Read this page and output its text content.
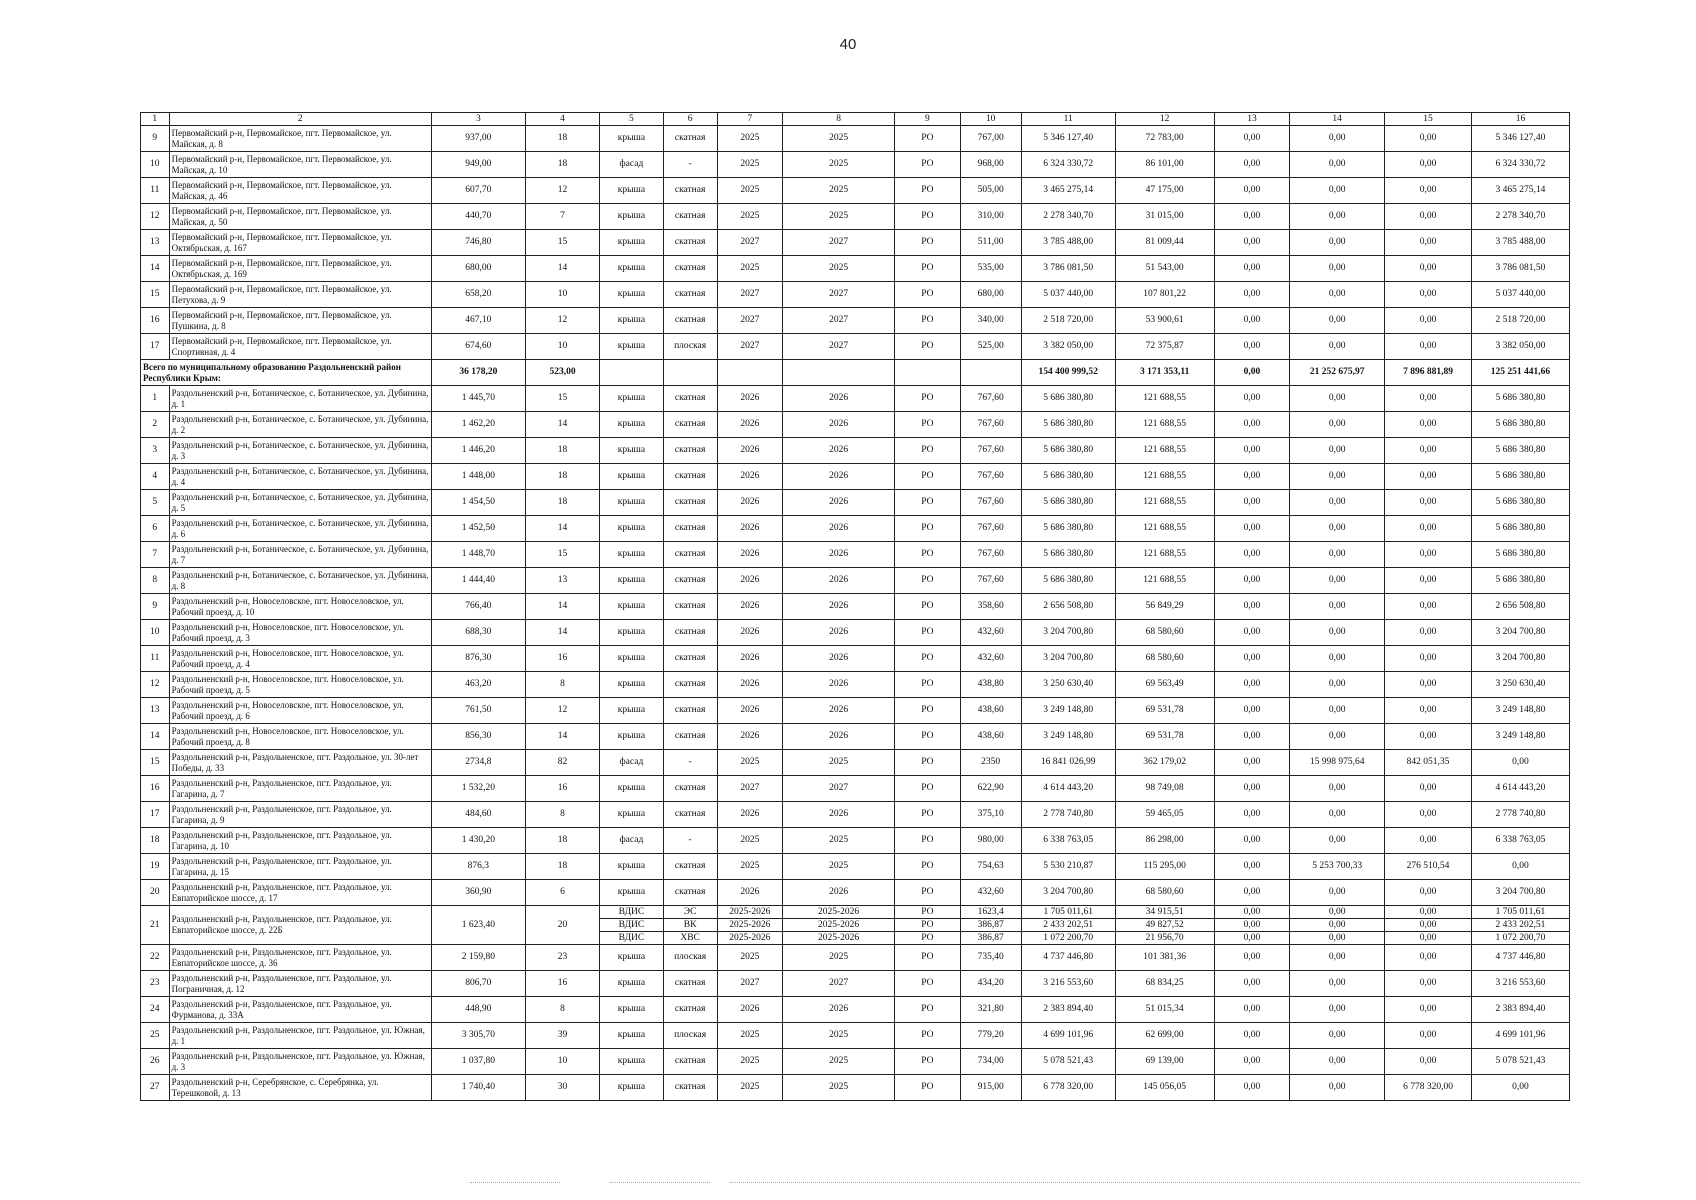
40
1	2	3	4	5	6	7	8	9	10	11	12	13	14	15	16
9	Первомайский р-н, Первомайское, пгт. Первомайское, ул. Майская, д. 8	937,00	18	крыша	скатная	2025	2025	РО	767,00	5 346 127,40	72 783,00	0,00	0,00	0,00	5 346 127,40
10	Первомайский р-н, Первомайское, пгт. Первомайское, ул. Майская, д. 10	949,00	18	фасад	-	2025	2025	РО	968,00	6 324 330,72	86 101,00	0,00	0,00	0,00	6 324 330,72
11	Первомайский р-н, Первомайское, пгт. Первомайское, ул. Майская, д. 46	607,70	12	крыша	скатная	2025	2025	РО	505,00	3 465 275,14	47 175,00	0,00	0,00	0,00	3 465 275,14
12	Первомайский р-н, Первомайское, пгт. Первомайское, ул. Майская, д. 50	440,70	7	крыша	скатная	2025	2025	РО	310,00	2 278 340,70	31 015,00	0,00	0,00	0,00	2 278 340,70
13	Первомайский р-н, Первомайское, пгт. Первомайское, ул. Октябрьская, д. 167	746,80	15	крыша	скатная	2027	2027	РО	511,00	3 785 488,00	81 009,44	0,00	0,00	0,00	3 785 488,00
14	Первомайский р-н, Первомайское, пгт. Первомайское, ул. Октябрьская, д. 169	680,00	14	крыша	скатная	2025	2025	РО	535,00	3 786 081,50	51 543,00	0,00	0,00	0,00	3 786 081,50
15	Первомайский р-н, Первомайское, пгт. Первомайское, ул. Петухова, д. 9	658,20	10	крыша	скатная	2027	2027	РО	680,00	5 037 440,00	107 801,22	0,00	0,00	0,00	5 037 440,00
16	Первомайский р-н, Первомайское, пгт. Первомайское, ул. Пушкина, д. 8	467,10	12	крыша	скатная	2027	2027	РО	340,00	2 518 720,00	53 900,61	0,00	0,00	0,00	2 518 720,00
17	Первомайский р-н, Первомайское, пгт. Первомайское, ул. Спортивная, д. 4	674,60	10	крыша	плоская	2027	2027	РО	525,00	3 382 050,00	72 375,87	0,00	0,00	0,00	3 382 050,00
Всего по муниципальному образованию Раздольненский район Республики Крым:		36 178,20	523,00							154 400 999,52	3 171 353,11	0,00	21 252 675,97	7 896 881,89	125 251 441,66
1	Раздольненский р-н, Ботаническое, с. Ботаническое, ул. Дубинина, д. 1	1 445,70	15	крыша	скатная	2026	2026	РО	767,60	5 686 380,80	121 688,55	0,00	0,00	0,00	5 686 380,80
2	Раздольненский р-н, Ботаническое, с. Ботаническое, ул. Дубинина, д. 2	1 462,20	14	крыша	скатная	2026	2026	РО	767,60	5 686 380,80	121 688,55	0,00	0,00	0,00	5 686 380,80
3	Раздольненский р-н, Ботаническое, с. Ботаническое, ул. Дубинина, д. 3	1 446,20	18	крыша	скатная	2026	2026	РО	767,60	5 686 380,80	121 688,55	0,00	0,00	0,00	5 686 380,80
4	Раздольненский р-н, Ботаническое, с. Ботаническое, ул. Дубинина, д. 4	1 448,00	18	крыша	скатная	2026	2026	РО	767,60	5 686 380,80	121 688,55	0,00	0,00	0,00	5 686 380,80
5	Раздольненский р-н, Ботаническое, с. Ботаническое, ул. Дубинина, д. 5	1 454,50	18	крыша	скатная	2026	2026	РО	767,60	5 686 380,80	121 688,55	0,00	0,00	0,00	5 686 380,80
6	Раздольненский р-н, Ботаническое, с. Ботаническое, ул. Дубинина, д. 6	1 452,50	14	крыша	скатная	2026	2026	РО	767,60	5 686 380,80	121 688,55	0,00	0,00	0,00	5 686 380,80
7	Раздольненский р-н, Ботаническое, с. Ботаническое, ул. Дубинина, д. 7	1 448,70	15	крыша	скатная	2026	2026	РО	767,60	5 686 380,80	121 688,55	0,00	0,00	0,00	5 686 380,80
8	Раздольненский р-н, Ботаническое, с. Ботаническое, ул. Дубинина, д. 8	1 444,40	13	крыша	скатная	2026	2026	РО	767,60	5 686 380,80	121 688,55	0,00	0,00	0,00	5 686 380,80
9	Раздольненский р-н, Новоселовское, пгт. Новоселовское, ул. Рабочий проезд, д. 10	766,40	14	крыша	скатная	2026	2026	РО	358,60	2 656 508,80	56 849,29	0,00	0,00	0,00	2 656 508,80
10	Раздольненский р-н, Новоселовское, пгт. Новоселовское, ул. Рабочий проезд, д. 3	688,30	14	крыша	скатная	2026	2026	РО	432,60	3 204 700,80	68 580,60	0,00	0,00	0,00	3 204 700,80
11	Раздольненский р-н, Новоселовское, пгт. Новоселовское, ул. Рабочий проезд, д. 4	876,30	16	крыша	скатная	2026	2026	РО	432,60	3 204 700,80	68 580,60	0,00	0,00	0,00	3 204 700,80
12	Раздольненский р-н, Новоселовское, пгт. Новоселовское, ул. Рабочий проезд, д. 5	463,20	8	крыша	скатная	2026	2026	РО	438,80	3 250 630,40	69 563,49	0,00	0,00	0,00	3 250 630,40
13	Раздольненский р-н, Новоселовское, пгт. Новоселовское, ул. Рабочий проезд, д. 6	761,50	12	крыша	скатная	2026	2026	РО	438,60	3 249 148,80	69 531,78	0,00	0,00	0,00	3 249 148,80
14	Раздольненский р-н, Новоселовское, пгт. Новоселовское, ул. Рабочий проезд, д. 8	856,30	14	крыша	скатная	2026	2026	РО	438,60	3 249 148,80	69 531,78	0,00	0,00	0,00	3 249 148,80
15	Раздольненский р-н, Раздольненское, пгт. Раздольное, ул. 30-лет Победы, д. 33	2734,8	82	фасад	-	2025	2025	РО	2350	16 841 026,99	362 179,02	0,00	15 998 975,64	842 051,35	0,00
16	Раздольненский р-н, Раздольненское, пгт. Раздольное, ул. Гагарина, д. 7	1 532,20	16	крыша	скатная	2027	2027	РО	622,90	4 614 443,20	98 749,08	0,00	0,00	0,00	4 614 443,20
17	Раздольненский р-н, Раздольненское, пгт. Раздольное, ул. Гагарина, д. 9	484,60	8	крыша	скатная	2026	2026	РО	375,10	2 778 740,80	59 465,05	0,00	0,00	0,00	2 778 740,80
18	Раздольненский р-н, Раздольненское, пгт. Раздольное, ул. Гагарина, д. 10	1 430,20	18	фасад	-	2025	2025	РО	980,00	6 338 763,05	86 298,00	0,00	0,00	0,00	6 338 763,05
19	Раздольненский р-н, Раздольненское, пгт. Раздольное, ул. Гагарина, д. 15	876,3	18	крыша	скатная	2025	2025	РО	754,63	5 530 210,87	115 295,00	0,00	5 253 700,33	276 510,54	0,00
20	Раздольненский р-н, Раздольненское, пгт. Раздольное, ул. Евпаторийское шоссе, д. 17	360,90	6	крыша	скатная	2026	2026	РО	432,60	3 204 700,80	68 580,60	0,00	0,00	0,00	3 204 700,80
21	Раздольненский р-н, Раздольненское, пгт. Раздольное, ул. Евпаторийское шоссе, д. 22Б	1 623,40	20	ВДИС	ЭС	2025-2026	2025-2026	РО	1623,4	1 705 011,61	34 915,51	0,00	0,00	0,00	1 705 011,61
				ВДИС	ВК	2025-2026	2025-2026	РО	386,87	2 433 202,51	49 827,52	0,00	0,00	0,00	2 433 202,51
				ВДИС	ХВС	2025-2026	2025-2026	РО	386,87	1 072 200,70	21 956,70	0,00	0,00	0,00	1 072 200,70
22	Раздольненский р-н, Раздольненское, пгт. Раздольное, ул. Евпаторийское шоссе, д. 36	2 159,80	23	крыша	плоская	2025	2025	РО	735,40	4 737 446,80	101 381,36	0,00	0,00	0,00	4 737 446,80
23	Раздольненский р-н, Раздольненское, пгт. Раздольное, ул. Пограничная, д. 12	806,70	16	крыша	скатная	2027	2027	РО	434,20	3 216 553,60	68 834,25	0,00	0,00	0,00	3 216 553,60
24	Раздольненский р-н, Раздольненское, пгт. Раздольное, ул. Фурманова, д. 33А	448,90	8	крыша	скатная	2026	2026	РО	321,80	2 383 894,40	51 015,34	0,00	0,00	0,00	2 383 894,40
25	Раздольненский р-н, Раздольненское, пгт. Раздольное, ул. Южная, д. 1	3 305,70	39	крыша	плоская	2025	2025	РО	779,20	4 699 101,96	62 699,00	0,00	0,00	0,00	4 699 101,96
26	Раздольненский р-н, Раздольненское, пгт. Раздольное, ул. Южная, д. 3	1 037,80	10	крыша	скатная	2025	2025	РО	734,00	5 078 521,43	69 139,00	0,00	0,00	0,00	5 078 521,43
27	Раздольненский р-н, Серебрянское, с. Серебрянка, ул. Терешковой, д. 13	1 740,40	30	крыша	скатная	2025	2025	РО	915,00	6 778 320,00	145 056,05	0,00	0,00	6 778 320,00	0,00
